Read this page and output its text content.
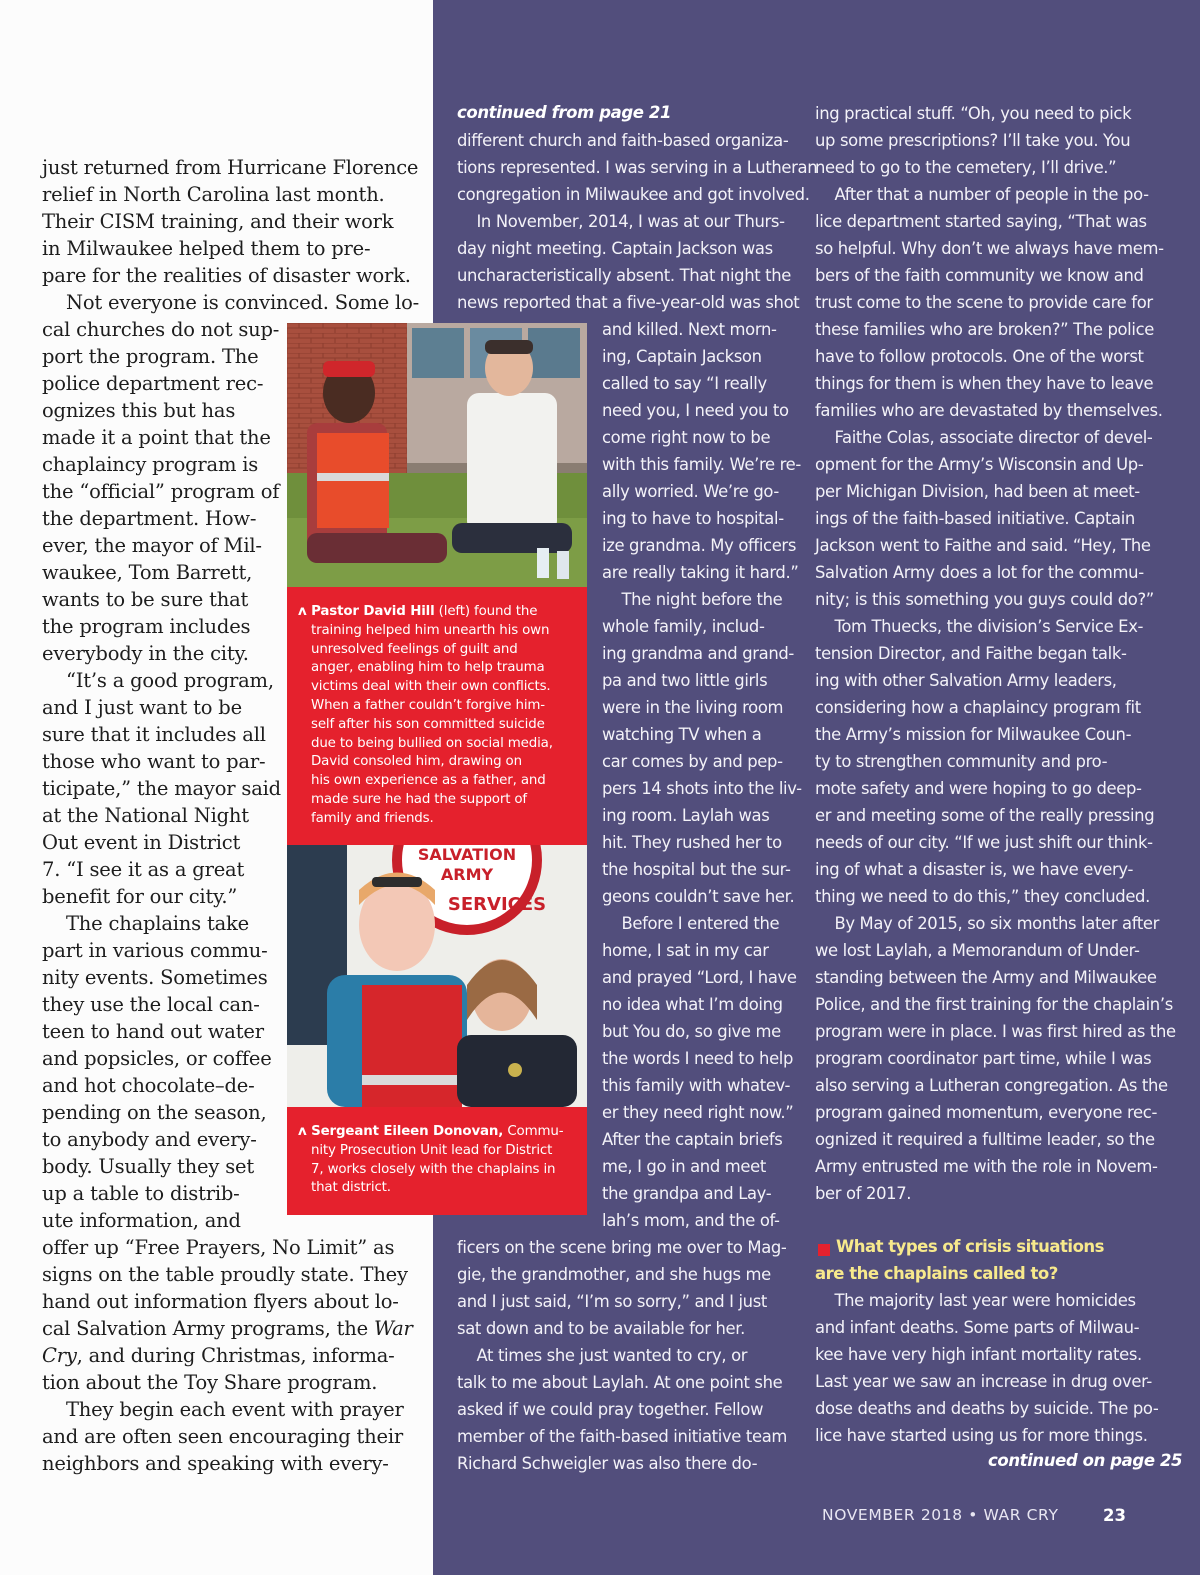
just returned from Hurricane Florence
relief in North Carolina last month.
Their CISM training, and their work
in Milwaukee helped them to pre-
pare for the realities of disaster work.
Not everyone is convinced. Some lo-
cal churches do not sup-
port the program. The
police department rec-
ognizes this but has
made it a point that the
chaplaincy program is
the “official” program of
the department. How-
ever, the mayor of Mil-
waukee, Tom Barrett,
wants to be sure that
the program includes
everybody in the city.
“It’s a good program,
and I just want to be
sure that it includes all
those who want to par-
ticipate,” the mayor said
at the National Night
Out event in District
7. “I see it as a great
benefit for our city.”
The chaplains take
part in various commu-
nity events. Sometimes
they use the local can-
teen to hand out water
and popsicles, or coffee
and hot chocolate–de-
pending on the season,
to anybody and every-
body. Usually they set
up a table to distrib-
ute information, and
offer up “Free Prayers, No Limit” as
signs on the table proudly state. They
hand out information flyers about lo-
cal Salvation Army programs, the War
Cry, and during Christmas, informa-
tion about the Toy Share program.
They begin each event with prayer
and are often seen encouraging their
neighbors and speaking with every-
continued from page 21
different church and faith-based organiza-
tions represented. I was serving in a Lutheran
congregation in Milwaukee and got involved.
In November, 2014, I was at our Thurs-
day night meeting. Captain Jackson was
uncharacteristically absent. That night the
news reported that a five-year-old was shot
and killed. Next morn-
ing, Captain Jackson
called to say “I really
need you, I need you to
come right now to be
with this family. We’re re-
ally worried. We’re go-
ing to have to hospital-
ize grandma. My officers
are really taking it hard.”
The night before the
whole family, includ-
ing grandma and grand-
pa and two little girls
were in the living room
watching TV when a
car comes by and pep-
pers 14 shots into the liv-
ing room. Laylah was
hit. They rushed her to
the hospital but the sur-
geons couldn’t save her.
Before I entered the
home, I sat in my car
and prayed “Lord, I have
no idea what I’m doing
but You do, so give me
the words I need to help
this family with whatev-
er they need right now.”
After the captain briefs
me, I go in and meet
the grandpa and Lay-
lah’s mom, and the of-
ficers on the scene bring me over to Mag-
gie, the grandmother, and she hugs me
and I just said, “I’m so sorry,” and I just
sat down and to be available for her.
At times she just wanted to cry, or
talk to me about Laylah. At one point she
asked if we could pray together. Fellow
member of the faith-based initiative team
Richard Schweigler was also there do-
ing practical stuff. “Oh, you need to pick
up some prescriptions? I’ll take you. You
need to go to the cemetery, I’ll drive.”
After that a number of people in the po-
lice department started saying, “That was
so helpful. Why don’t we always have mem-
bers of the faith community we know and
trust come to the scene to provide care for
these families who are broken?” The police
have to follow protocols. One of the worst
things for them is when they have to leave
families who are devastated by themselves.
Faithe Colas, associate director of devel-
opment for the Army’s Wisconsin and Up-
per Michigan Division, had been at meet-
ings of the faith-based initiative. Captain
Jackson went to Faithe and said. “Hey, The
Salvation Army does a lot for the commu-
nity; is this something you guys could do?”
Tom Thuecks, the division’s Service Ex-
tension Director, and Faithe began talk-
ing with other Salvation Army leaders,
considering how a chaplaincy program fit
the Army’s mission for Milwaukee Coun-
ty to strengthen community and pro-
mote safety and were hoping to go deep-
er and meeting some of the really pressing
needs of our city. “If we just shift our think-
ing of what a disaster is, we have every-
thing we need to do this,” they concluded.
By May of 2015, so six months later after
we lost Laylah, a Memorandum of Under-
standing between the Army and Milwaukee
Police, and the first training for the chaplain’s
program were in place. I was first hired as the
program coordinator part time, while I was
also serving a Lutheran congregation. As the
program gained momentum, everyone rec-
ognized it required a fulltime leader, so the
Army entrusted me with the role in Novem-
ber of 2017.
What types of crisis situations
are the chaplains called to?
The majority last year were homicides
and infant deaths. Some parts of Milwau-
kee have very high infant mortality rates.
Last year we saw an increase in drug over-
dose deaths and deaths by suicide. The po-
lice have started using us for more things.
continued on page 25
ʌ Pastor David Hill (left) found the
training helped him unearth his own
unresolved feelings of guilt and
anger, enabling him to help trauma
victims deal with their own conflicts.
When a father couldn’t forgive him-
self after his son committed suicide
due to being bullied on social media,
David consoled him, drawing on
his own experience as a father, and
made sure he had the support of
family and friends.
SALVATION
ARMY
SERVICES
ʌ Sergeant Eileen Donovan, Commu-
nity Prosecution Unit lead for District
7, works closely with the chaplains in
that district.
NOVEMBER 2018 • WAR CRY	23
